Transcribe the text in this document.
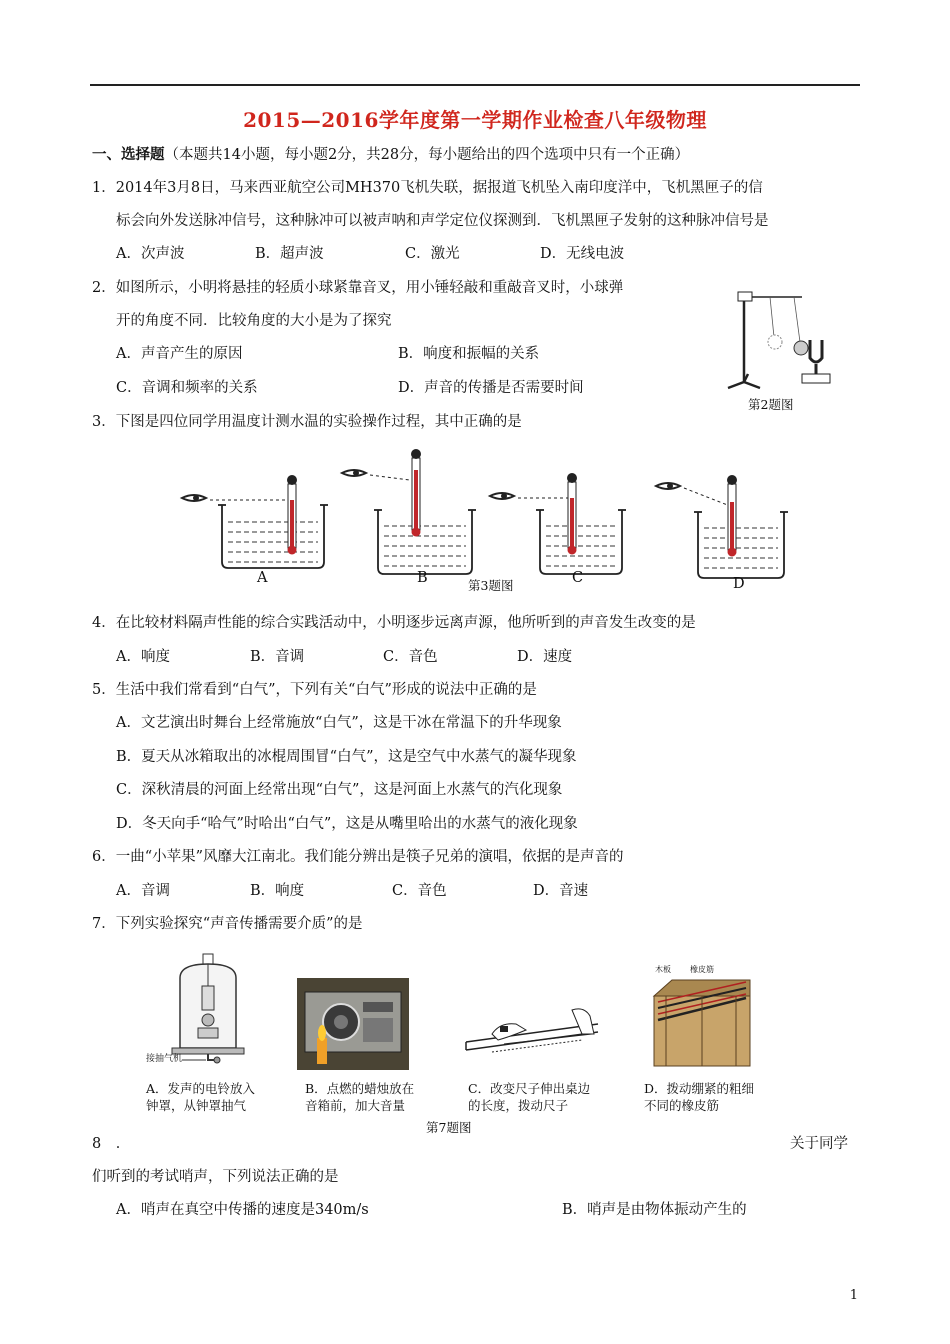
2015—2016学年度第一学期作业检查八年级物理
一、选择题（本题共14小题，每小题2分，共28分，每小题给出的四个选项中只有一个正确）
1．2014年3月8日，马来西亚航空公司MH370飞机失联，据报道飞机坠入南印度洋中，飞机黑匣子的信
标会向外发送脉冲信号，这种脉冲可以被声呐和声学定位仪探测到．飞机黑匣子发射的这种脉冲信号是
A．次声波	B．超声波	C．激光	D．无线电波
2．如图所示，小明将悬挂的轻质小球紧靠音叉，用小锤轻敲和重敲音叉时，小球弹
开的角度不同．比较角度的大小是为了探究
A．声音产生的原因	B．响度和振幅的关系
C．音调和频率的关系	D．声音的传播是否需要时间
第2题图
3．下图是四位同学用温度计测水温的实验操作过程，其中正确的是
A	B	C	D
第3题图
4．在比较材料隔声性能的综合实践活动中，小明逐步远离声源，他所听到的声音发生改变的是
A．响度	B．音调	C．音色	D．速度
5．生活中我们常看到“白气”，下列有关“白气”形成的说法中正确的是
A．文艺演出时舞台上经常施放“白气”，这是干冰在常温下的升华现象
B．夏天从冰箱取出的冰棍周围冒“白气”，这是空气中水蒸气的凝华现象
C．深秋清晨的河面上经常出现“白气”，这是河面上水蒸气的汽化现象
D．冬天向手“哈气”时哈出“白气”，这是从嘴里哈出的水蒸气的液化现象
6．一曲“小苹果”风靡大江南北。我们能分辨出是筷子兄弟的演唱，依据的是声音的
A．音调	B．响度	C．音色	D．音速
7．下列实验探究“声音传播需要介质”的是
接抽气机
木板 橡皮筋
A．发声的电铃放入
钟罩，从钟罩抽气
B．点燃的蜡烛放在
音箱前，加大音量
C．改变尺子伸出桌边
的长度，拨动尺子
D．拨动绷紧的粗细
不同的橡皮筋
第7题图
8　．	关于同学
们听到的考试哨声，下列说法正确的是
A．哨声在真空中传播的速度是340m/s	B．哨声是由物体振动产生的
1
